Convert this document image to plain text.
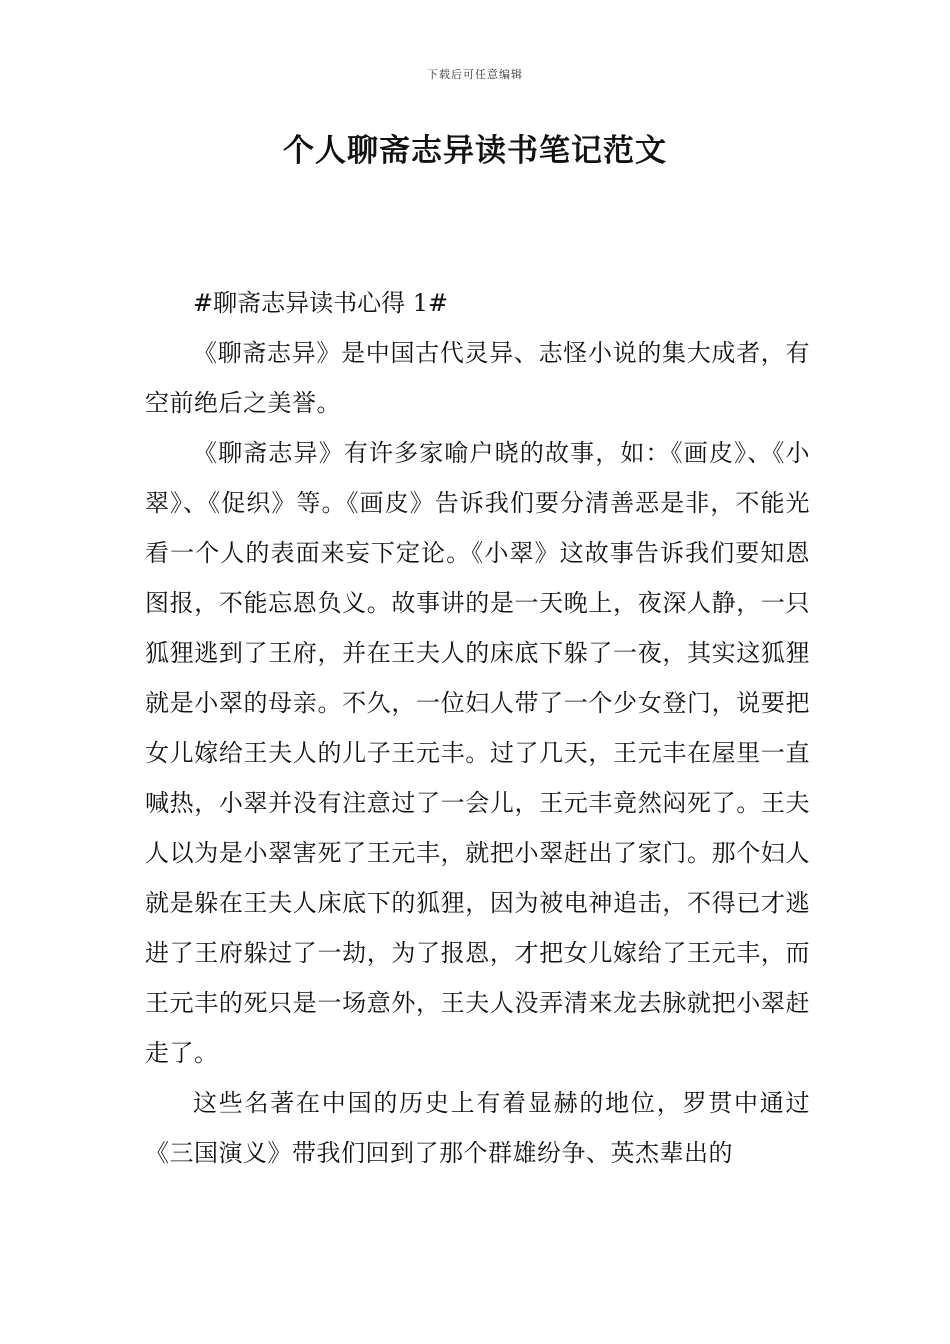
下载后可任意编辑
个人聊斋志异读书笔记范文

#聊斋志异读书心得 1#

《聊斋志异》是中国古代灵异、志怪小说的集大成者，有空前绝后之美誉。

《聊斋志异》有许多家喻户晓的故事，如：《画皮》、《小翠》、《促织》等。《画皮》告诉我们要分清善恶是非，不能光看一个人的表面来妄下定论。《小翠》这故事告诉我们要知恩图报，不能忘恩负义。故事讲的是一天晚上，夜深人静，一只狐狸逃到了王府，并在王夫人的床底下躲了一夜，其实这狐狸就是小翠的母亲。不久，一位妇人带了一个少女登门，说要把女儿嫁给王夫人的儿子王元丰。过了几天，王元丰在屋里一直喊热，小翠并没有注意过了一会儿，王元丰竟然闷死了。王夫人以为是小翠害死了王元丰，就把小翠赶出了家门。那个妇人就是躲在王夫人床底下的狐狸，因为被电神追击，不得已才逃进了王府躲过了一劫，为了报恩，才把女儿嫁给了王元丰，而王元丰的死只是一场意外，王夫人没弄清来龙去脉就把小翠赶走了。

这些名著在中国的历史上有着显赫的地位，罗贯中通过《三国演义》带我们回到了那个群雄纷争、英杰辈出的
